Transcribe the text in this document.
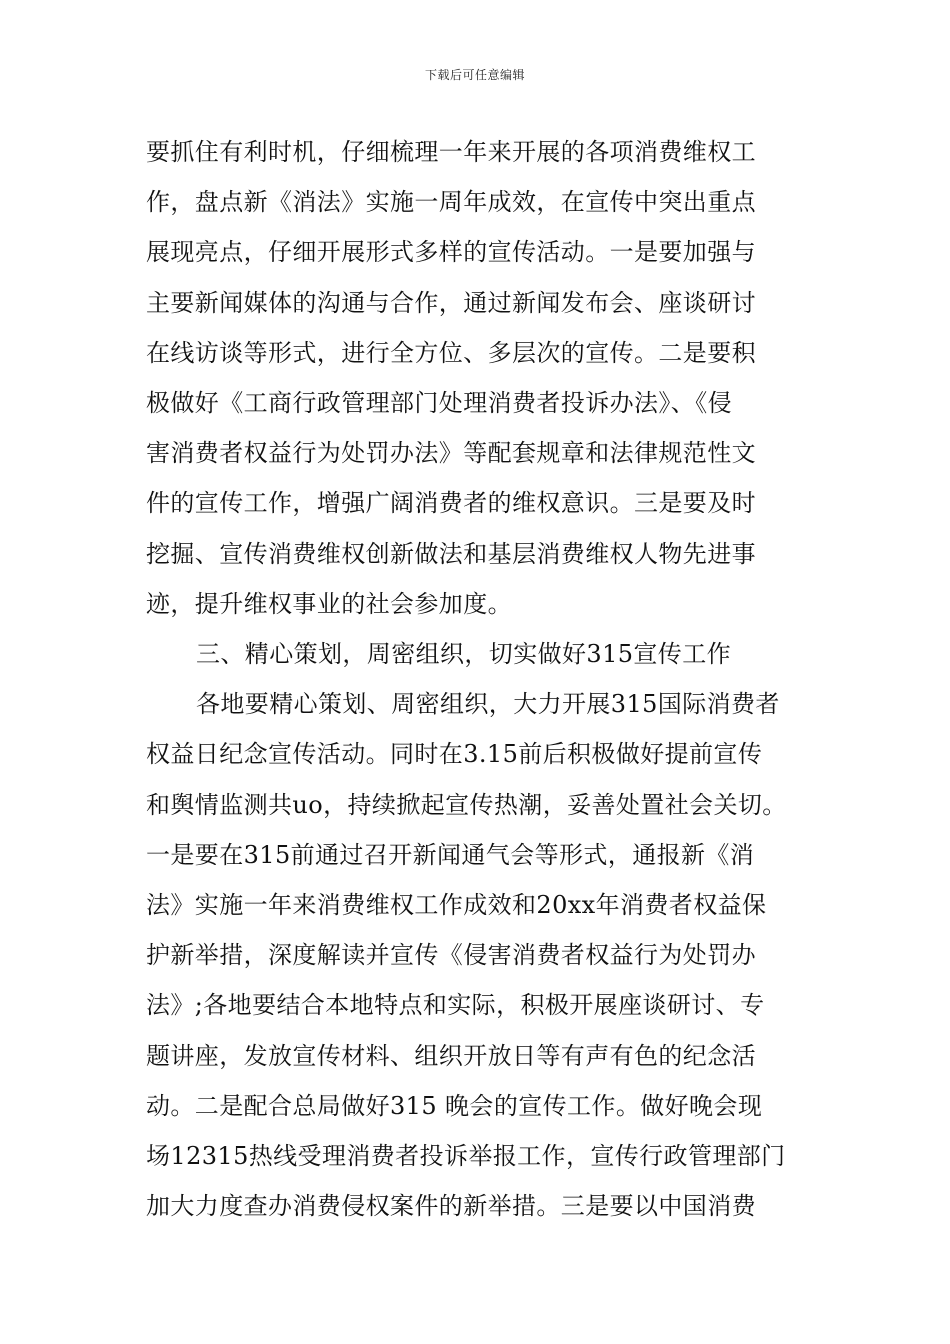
下载后可任意编辑
要抓住有利时机，仔细梳理一年来开展的各项消费维权工
作，盘点新《消法》实施一周年成效，在宣传中突出重点
展现亮点，仔细开展形式多样的宣传活动。一是要加强与
主要新闻媒体的沟通与合作，通过新闻发布会、座谈研讨
在线访谈等形式，进行全方位、多层次的宣传。二是要积
极做好《工商行政管理部门处理消费者投诉办法》、《侵
害消费者权益行为处罚办法》等配套规章和法律规范性文
件的宣传工作，增强广阔消费者的维权意识。三是要及时
挖掘、宣传消费维权创新做法和基层消费维权人物先进事
迹，提升维权事业的社会参加度。
三、精心策划，周密组织，切实做好315宣传工作
各地要精心策划、周密组织，大力开展315国际消费者
权益日纪念宣传活动。同时在3.15前后积极做好提前宣传
和舆情监测共uo，持续掀起宣传热潮，妥善处置社会关切。
一是要在315前通过召开新闻通气会等形式，通报新《消
法》实施一年来消费维权工作成效和20xx年消费者权益保
护新举措，深度解读并宣传《侵害消费者权益行为处罚办
法》;各地要结合本地特点和实际，积极开展座谈研讨、专
题讲座，发放宣传材料、组织开放日等有声有色的纪念活
动。二是配合总局做好315 晚会的宣传工作。做好晚会现
场12315热线受理消费者投诉举报工作，宣传行政管理部门
加大力度查办消费侵权案件的新举措。三是要以中国消费
